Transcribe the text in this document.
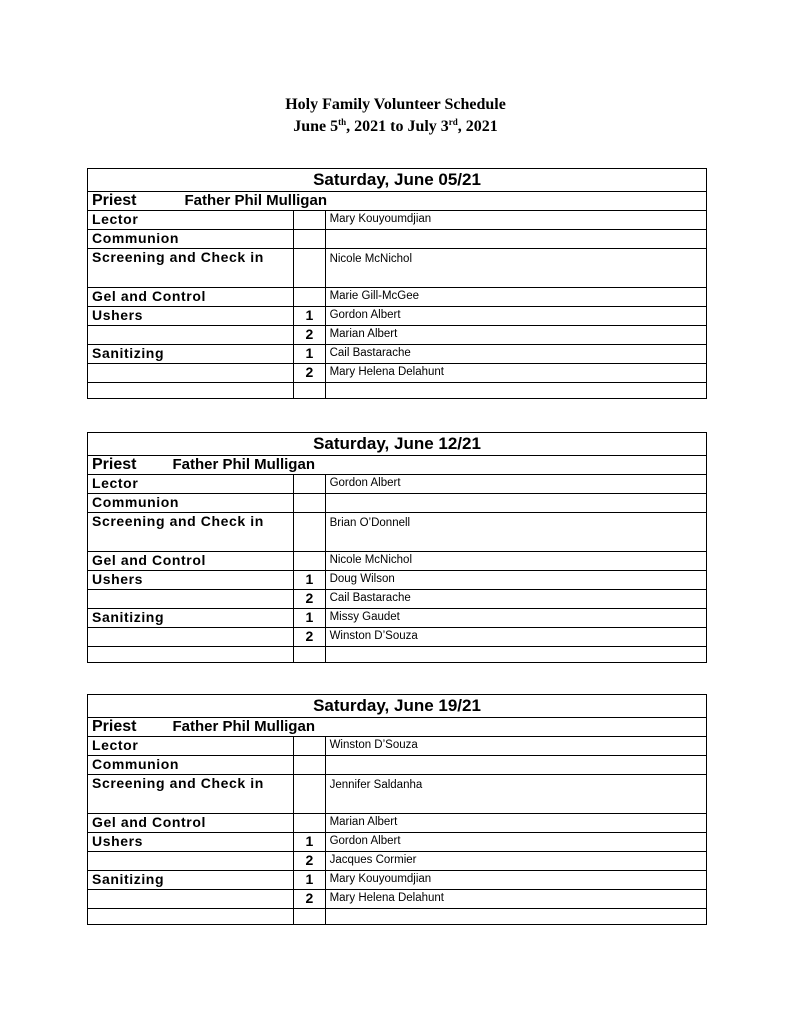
Holy Family Volunteer Schedule
June 5th, 2021 to July 3rd, 2021
Saturday, June 05/21		
Priest Father Phil Mulligan		
Lector		Mary Kouyoumdjian
Communion		
Screening and Check in		Nicole McNichol
Gel and Control		Marie Gill-McGee
Ushers	1	Gordon Albert
	2	Marian Albert
Sanitizing	1	Cail Bastarache
	2	Mary Helena Delahunt

Saturday, June 12/21		
Priest Father Phil Mulligan		
Lector		Gordon Albert
Communion		
Screening and Check in		Brian O’Donnell
Gel and Control		Nicole McNichol
Ushers	1	Doug Wilson
	2	Cail Bastarache
Sanitizing	1	Missy Gaudet
	2	Winston D’Souza

Saturday, June 19/21		
Priest Father Phil Mulligan		
Lector		Winston D’Souza
Communion		
Screening and Check in		Jennifer Saldanha
Gel and Control		Marian Albert
Ushers	1	Gordon Albert
	2	Jacques Cormier
Sanitizing	1	Mary Kouyoumdjian
	2	Mary Helena Delahunt
